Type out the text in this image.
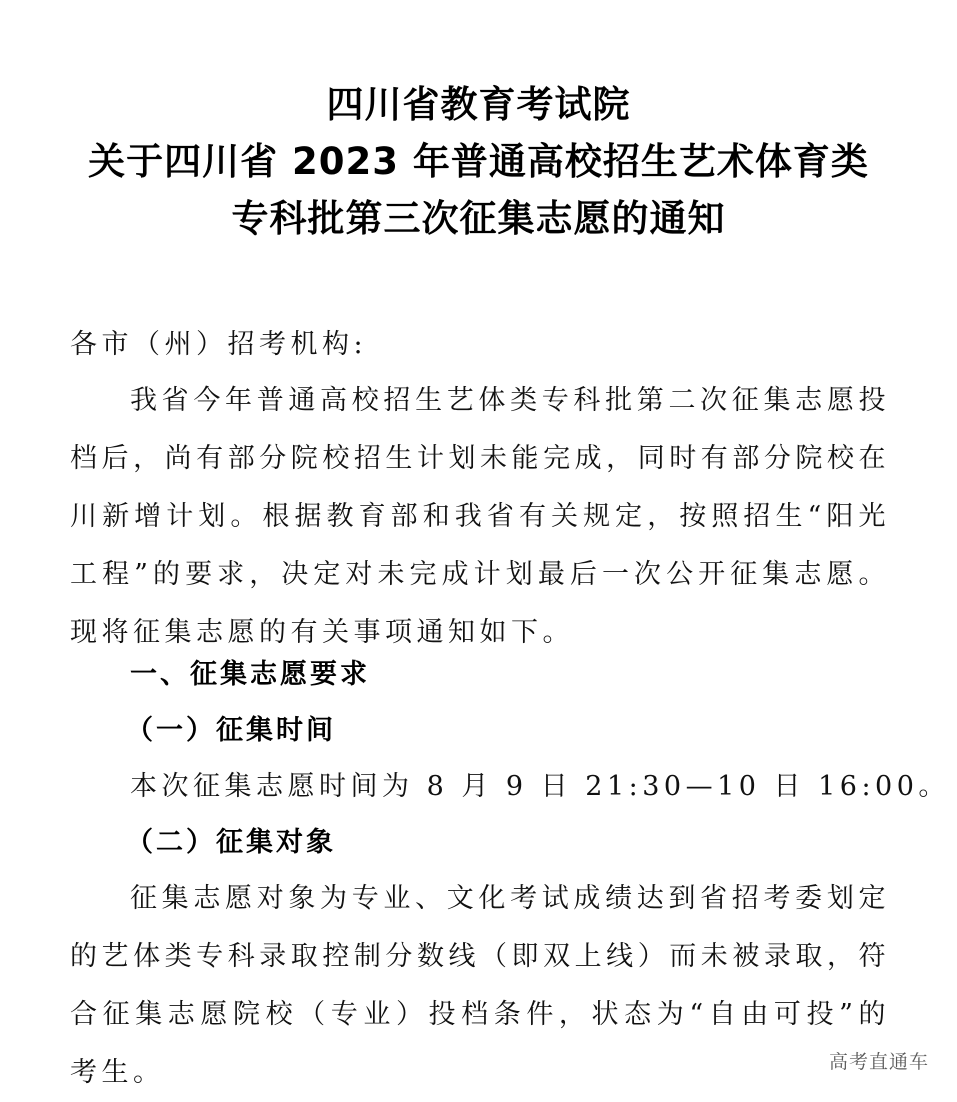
四川省教育考试院
关于四川省 2023 年普通高校招生艺术体育类
专科批第三次征集志愿的通知
各市（州）招考机构:
我省今年普通高校招生艺体类专科批第二次征集志愿投档后，尚有部分院校招生计划未能完成，同时有部分院校在川新增计划。根据教育部和我省有关规定，按照招生“阳光工程”的要求，决定对未完成计划最后一次公开征集志愿。现将征集志愿的有关事项通知如下。
一、征集志愿要求
（一）征集时间
本次征集志愿时间为 8 月 9 日 21:30—10 日 16:00。
（二）征集对象
征集志愿对象为专业、文化考试成绩达到省招考委划定的艺体类专科录取控制分数线（即双上线）而未被录取，符合征集志愿院校（专业）投档条件，状态为“自由可投”的考生。	高考直通车
